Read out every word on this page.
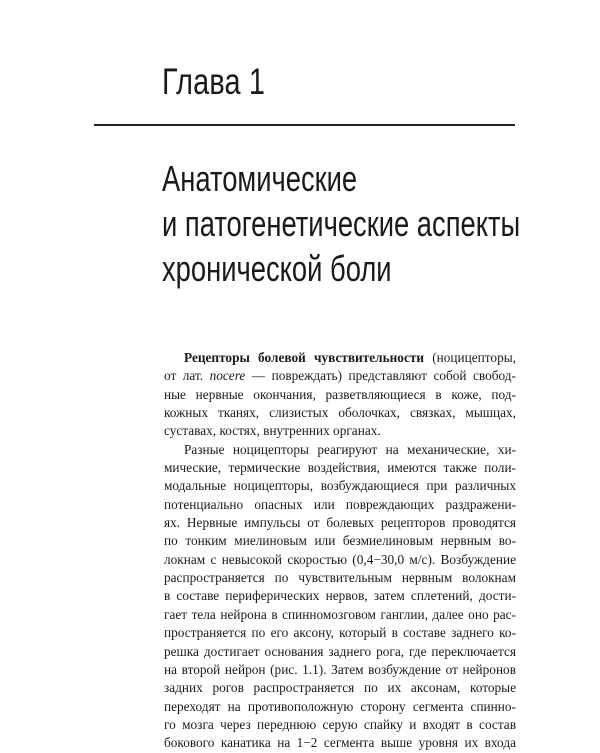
Глава 1
Анатомические
и патогенетические аспекты
хронической боли
Рецепторы болевой чувствительности (ноцицепторы,
от лат. nocere — повреждать) представляют собой свобод-
ные нервные окончания, разветвляющиеся в коже, под-
кожных тканях, слизистых оболочках, связках, мышцах,
суставах, костях, внутренних органах.
Разные ноцицепторы реагируют на механические, хи-
мические, термические воздействия, имеются также поли-
модальные ноцицепторы, возбуждающиеся при различных
потенциально опасных или повреждающих раздражени-
ях. Нервные импульсы от болевых рецепторов проводятся
по тонким миелиновым или безмиелиновым нервным во-
локнам с невысокой скоростью (0,4−30,0 м/с). Возбуждение
распространяется по чувствительным нервным волокнам
в составе периферических нервов, затем сплетений, дости-
гает тела нейрона в спинномозговом ганглии, далее оно рас-
пространяется по его аксону, который в составе заднего ко-
решка достигает основания заднего рога, где переключается
на второй нейрон (рис. 1.1). Затем возбуждение от нейронов
задних рогов распространяется по их аксонам, которые
переходят на противоположную сторону сегмента спинно-
го мозга через переднюю серую спайку и входят в состав
бокового канатика на 1−2 сегмента выше уровня их входа
